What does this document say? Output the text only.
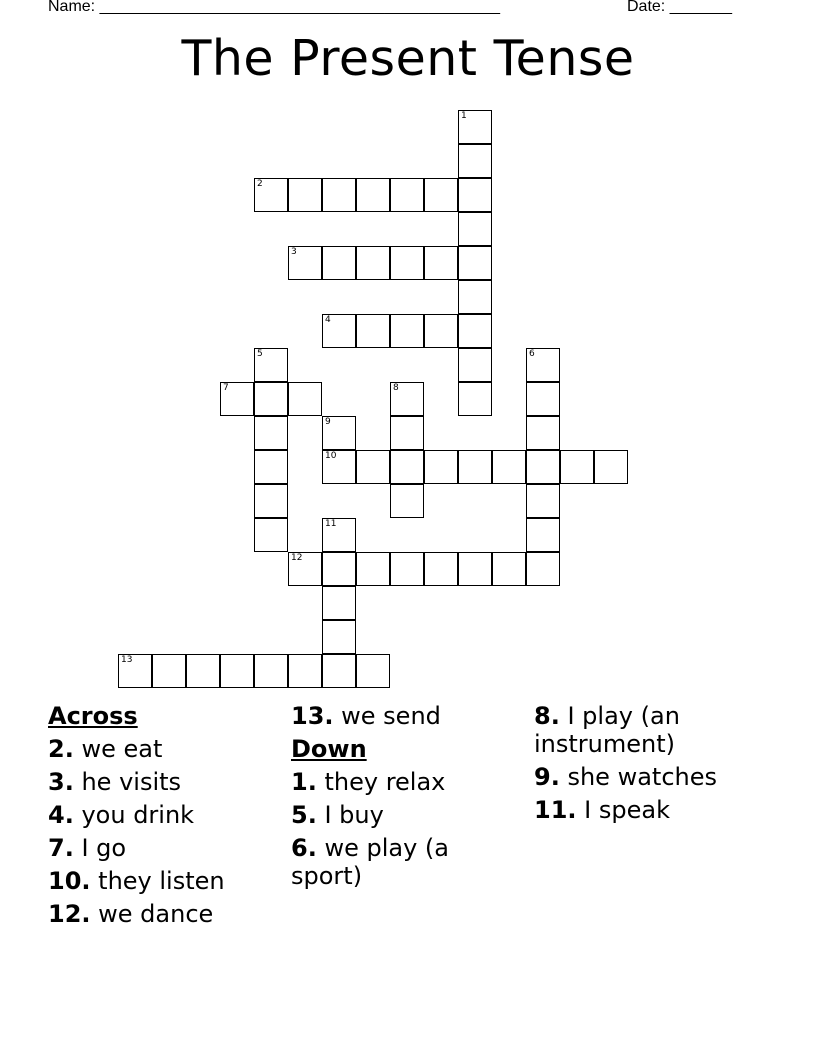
Name: _____________________________________________	Date: _______
The Present Tense
1
2
3
4
5	6
7	8
9
10
11
12
13
Across
2. we eat
3. he visits
4. you drink
7. I go
10. they listen
12. we dance
13. we send
Down
1. they relax
5. I buy
6. we play (a sport)
8. I play (an instrument)
9. she watches
11. I speak
